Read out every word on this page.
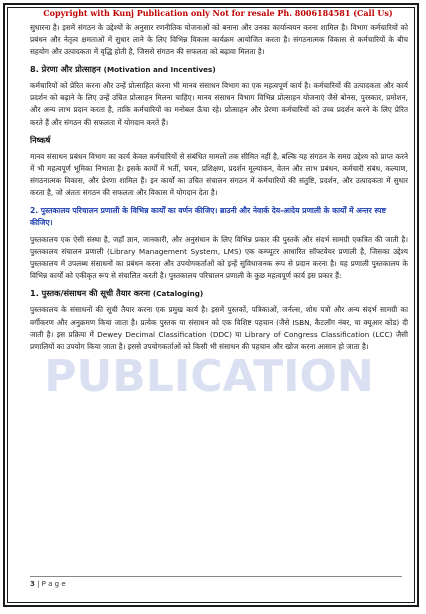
Copyright with Kunj Publication only Not for resale Ph. 8006184581 (Call Us)
PUBLICATION

सुधारना है। इसमें संगठन के उद्देश्यों के अनुसार रणनीतिक योजनाओं को बनाना और उनका कार्यान्वयन करना शामिल है। विभाग कर्मचारियों को प्रबंधन और नेतृत्व क्षमताओं में सुधार लाने के लिए विभिन्न विकास कार्यक्रम आयोजित करता है। संगठनात्मक विकास से कर्मचारियों के बीच सहयोग और उत्पादकता में वृद्धि होती है, जिससे संगठन की सफलता को बढ़ावा मिलता है।

8. प्रेरणा और प्रोत्साहन (Motivation and Incentives)

कर्मचारियों को प्रेरित करना और उन्हें प्रोत्साहित करना भी मानव संसाधन विभाग का एक महत्वपूर्ण कार्य है। कर्मचारियों की उत्पादकता और कार्य प्रदर्शन को बढ़ाने के लिए उन्हें उचित प्रोत्साहन मिलना चाहिए। मानव संसाधन विभाग विभिन्न प्रोत्साहन योजनाएं जैसे बोनस, पुरस्कार, प्रमोशन, और अन्य लाभ प्रदान करता है, ताकि कर्मचारियों का मनोबल ऊँचा रहे। प्रोत्साहन और प्रेरणा कर्मचारियों को उच्च प्रदर्शन करने के लिए प्रेरित करते हैं और संगठन की सफलता में योगदान करते हैं।

निष्कर्ष

मानव संसाधन प्रबंधन विभाग का कार्य केवल कर्मचारियों से संबंधित मामलों तक सीमित नहीं है, बल्कि यह संगठन के समग्र उद्देश्य को प्राप्त करने में भी महत्वपूर्ण भूमिका निभाता है। इसके कार्यों में भर्ती, चयन, प्रशिक्षण, प्रदर्शन मूल्यांकन, वेतन और लाभ प्रबंधन, कर्मचारी संबंध, कल्याण, संगठनात्मक विकास, और प्रेरणा शामिल हैं। इन कार्यों का उचित संचालन संगठन में कर्मचारियों की संतुष्टि, प्रदर्शन, और उत्पादकता में सुधार करता है, जो अंततः संगठन की सफलता और विकास में योगदान देता है।

2. पुस्तकालय परिचालन प्रणाली के विभिन्न कार्यों का वर्णन कीजिए। ब्राउनी और नेवार्क देय-आदेय प्रणाली के कार्यों में अन्तर स्पष्ट कीजिए।

पुस्तकालय एक ऐसी संस्था है, जहाँ ज्ञान, जानकारी, और अनुसंधान के लिए विभिन्न प्रकार की पुस्तकें और संदर्भ सामग्री एकत्रित की जाती है। पुस्तकालय संचालन प्रणाली (Library Management System, LMS) एक कम्प्यूटर आधारित सॉफ्टवेयर प्रणाली है, जिसका उद्देश्य पुस्तकालय में उपलब्ध संसाधनों का प्रबंधन करना और उपयोगकर्ताओं को इन्हें सुविधाजनक रूप से प्रदान करना है। यह प्रणाली पुस्तकालय के विभिन्न कार्यों को एकीकृत रूप से संचालित करती है। पुस्तकालय परिचालन प्रणाली के कुछ महत्वपूर्ण कार्य इस प्रकार हैं:

1. पुस्तक/संसाधन की सूची तैयार करना (Cataloging)

पुस्तकालय के संसाधनों की सूची तैयार करना एक प्रमुख कार्य है। इसमें पुस्तकों, पत्रिकाओं, जर्नल्स, शोध पत्रों और अन्य संदर्भ सामग्री का वर्गीकरण और अनुक्रमण किया जाता है। प्रत्येक पुस्तक या संसाधन को एक विशिष्ट पहचान (जैसे ISBN, कैटलॉग नंबर, या क्यूआर कोड) दी जाती है। इस प्रक्रिया में Dewey Decimal Classification (DDC) या Library of Congress Classification (LCC) जैसी प्रणालियों का उपयोग किया जाता है। इससे उपयोगकर्ताओं को किसी भी संसाधन की पहचान और खोज करना आसान हो जाता है।

3 | P a g e
